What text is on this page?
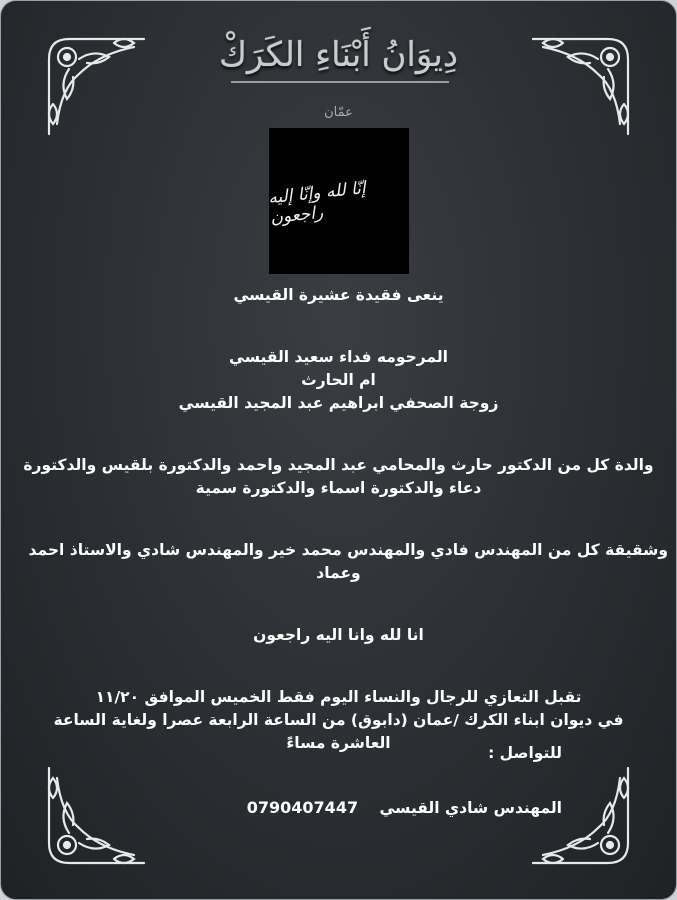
دِيوَانُ أَبْنَاءِ الكَرَكْ
عمّان
إنّا لله وإنّا إليه راجعون

ينعى فقيدة عشيرة القيسي

المرحومه فداء سعيد القيسي

ام الحارث

زوجة الصحفي ابراهيم عبد المجيد القيسي

والدة كل من الدكتور حارث والمحامي عبد المجيد واحمد والدكتورة بلقيس والدكتورة

دعاء والدكتورة اسماء والدكتورة سمية

وشقيقة كل من المهندس فادي والمهندس محمد خير والمهندس شادي والاستاذ احمد

وعماد

انا لله وانا اليه راجعون

تقبل التعازي للرجال والنساء اليوم فقط الخميس الموافق ١١/٢٠

في ديوان ابناء الكرك /عمان (دابوق) من الساعة الرابعة عصرا ولغاية الساعة

العاشرة مساءً

للتواصل :
المهندس شادي القيسي 0790407447
